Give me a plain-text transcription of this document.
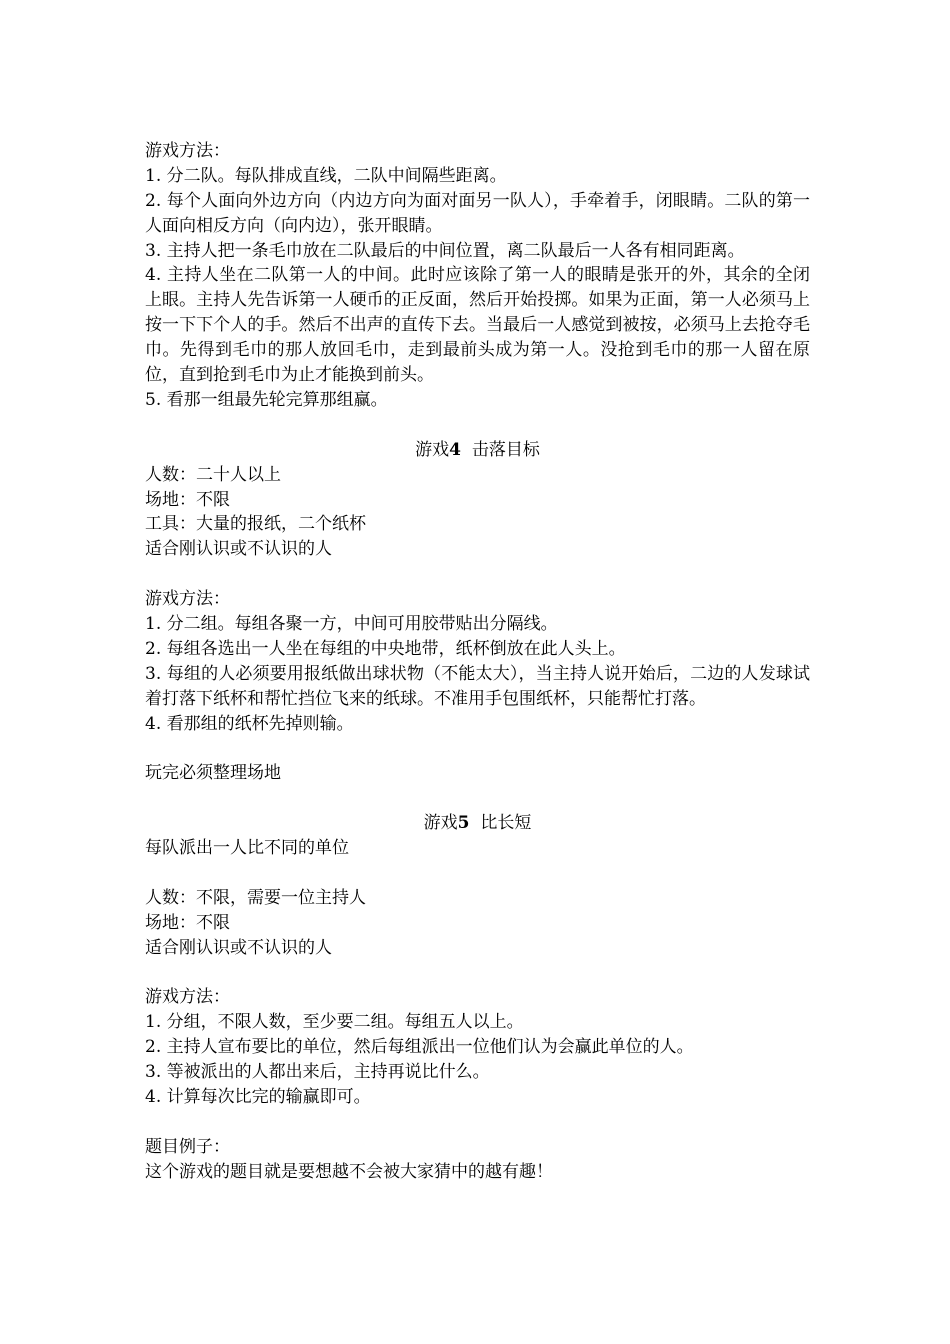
游戏方法：
1. 分二队。每队排成直线，二队中间隔些距离。
2. 每个人面向外边方向（内边方向为面对面另一队人），手牵着手，闭眼睛。二队的第一人面向相反方向（向内边），张开眼睛。
3. 主持人把一条毛巾放在二队最后的中间位置，离二队最后一人各有相同距离。
4. 主持人坐在二队第一人的中间。此时应该除了第一人的眼睛是张开的外，其余的全闭上眼。主持人先告诉第一人硬币的正反面，然后开始投掷。如果为正面，第一人必须马上按一下下个人的手。然后不出声的直传下去。当最后一人感觉到被按，必须马上去抢夺毛巾。先得到毛巾的那人放回毛巾，走到最前头成为第一人。没抢到毛巾的那一人留在原位，直到抢到毛巾为止才能换到前头。
5. 看那一组最先轮完算那组赢。
游戏4 击落目标
人数：二十人以上
场地：不限
工具：大量的报纸，二个纸杯
适合刚认识或不认识的人
游戏方法：
1. 分二组。每组各聚一方，中间可用胶带贴出分隔线。
2. 每组各选出一人坐在每组的中央地带，纸杯倒放在此人头上。
3. 每组的人必须要用报纸做出球状物（不能太大），当主持人说开始后，二边的人发球试着打落下纸杯和帮忙挡位飞来的纸球。不准用手包围纸杯，只能帮忙打落。
4. 看那组的纸杯先掉则输。
玩完必须整理场地
游戏5 比长短
每队派出一人比不同的单位
人数：不限，需要一位主持人
场地：不限
适合刚认识或不认识的人
游戏方法：
1. 分组，不限人数，至少要二组。每组五人以上。
2. 主持人宣布要比的单位，然后每组派出一位他们认为会赢此单位的人。
3. 等被派出的人都出来后，主持再说比什么。
4. 计算每次比完的输赢即可。
题目例子：
这个游戏的题目就是要想越不会被大家猜中的越有趣！
